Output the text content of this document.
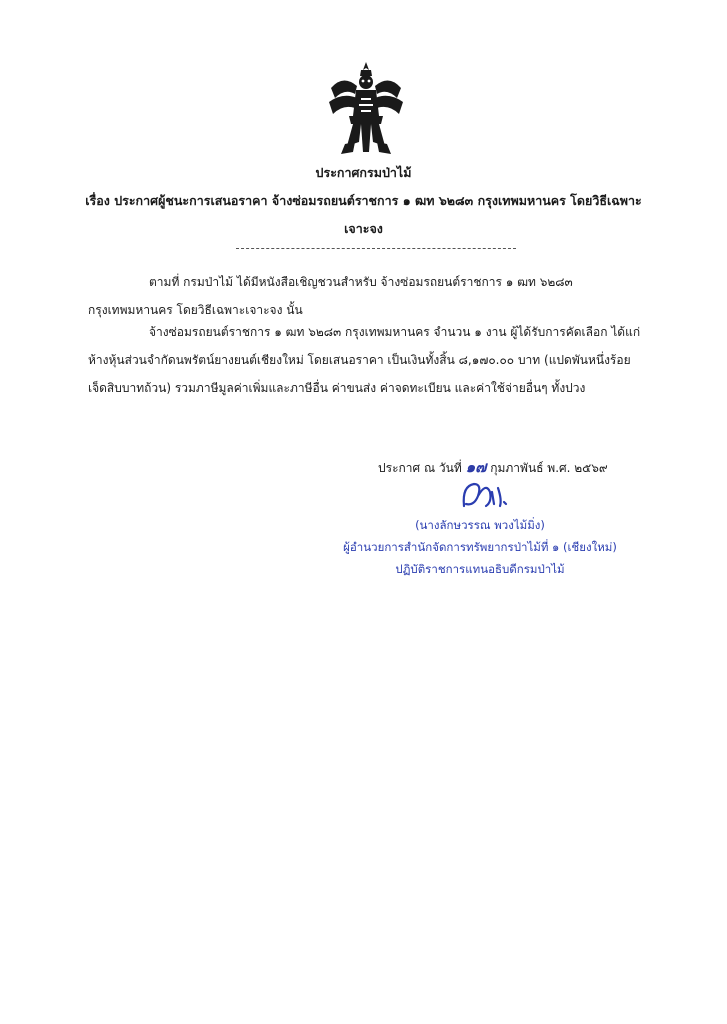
ประกาศกรมป่าไม้
เรื่อง ประกาศผู้ชนะการเสนอราคา จ้างซ่อมรถยนต์ราชการ ๑ ฒท ๖๒๘๓ กรุงเทพมหานคร โดยวิธีเฉพาะ
เจาะจง
ตามที่ กรมป่าไม้ ได้มีหนังสือเชิญชวนสำหรับ จ้างซ่อมรถยนต์ราชการ ๑ ฒท ๖๒๘๓ กรุงเทพมหานคร โดยวิธีเฉพาะเจาะจง นั้น
จ้างซ่อมรถยนต์ราชการ ๑ ฒท ๖๒๘๓ กรุงเทพมหานคร จำนวน ๑ งาน ผู้ได้รับการคัดเลือก ได้แก่ ห้างหุ้นส่วนจำกัดนพรัตน์ยางยนต์เชียงใหม่ โดยเสนอราคา เป็นเงินทั้งสิ้น ๘,๑๗๐.๐๐ บาท (แปดพันหนึ่งร้อยเจ็ดสิบบาทถ้วน) รวมภาษีมูลค่าเพิ่มและภาษีอื่น ค่าขนส่ง ค่าจดทะเบียน และค่าใช้จ่ายอื่นๆ ทั้งปวง
ประกาศ ณ วันที่ ๑๗ กุมภาพันธ์ พ.ศ. ๒๕๖๙
(นางลักษวรรณ พวงไม้มิ่ง)
ผู้อำนวยการสำนักจัดการทรัพยากรป่าไม้ที่ ๑ (เชียงใหม่)
ปฏิบัติราชการแทนอธิบดีกรมป่าไม้
